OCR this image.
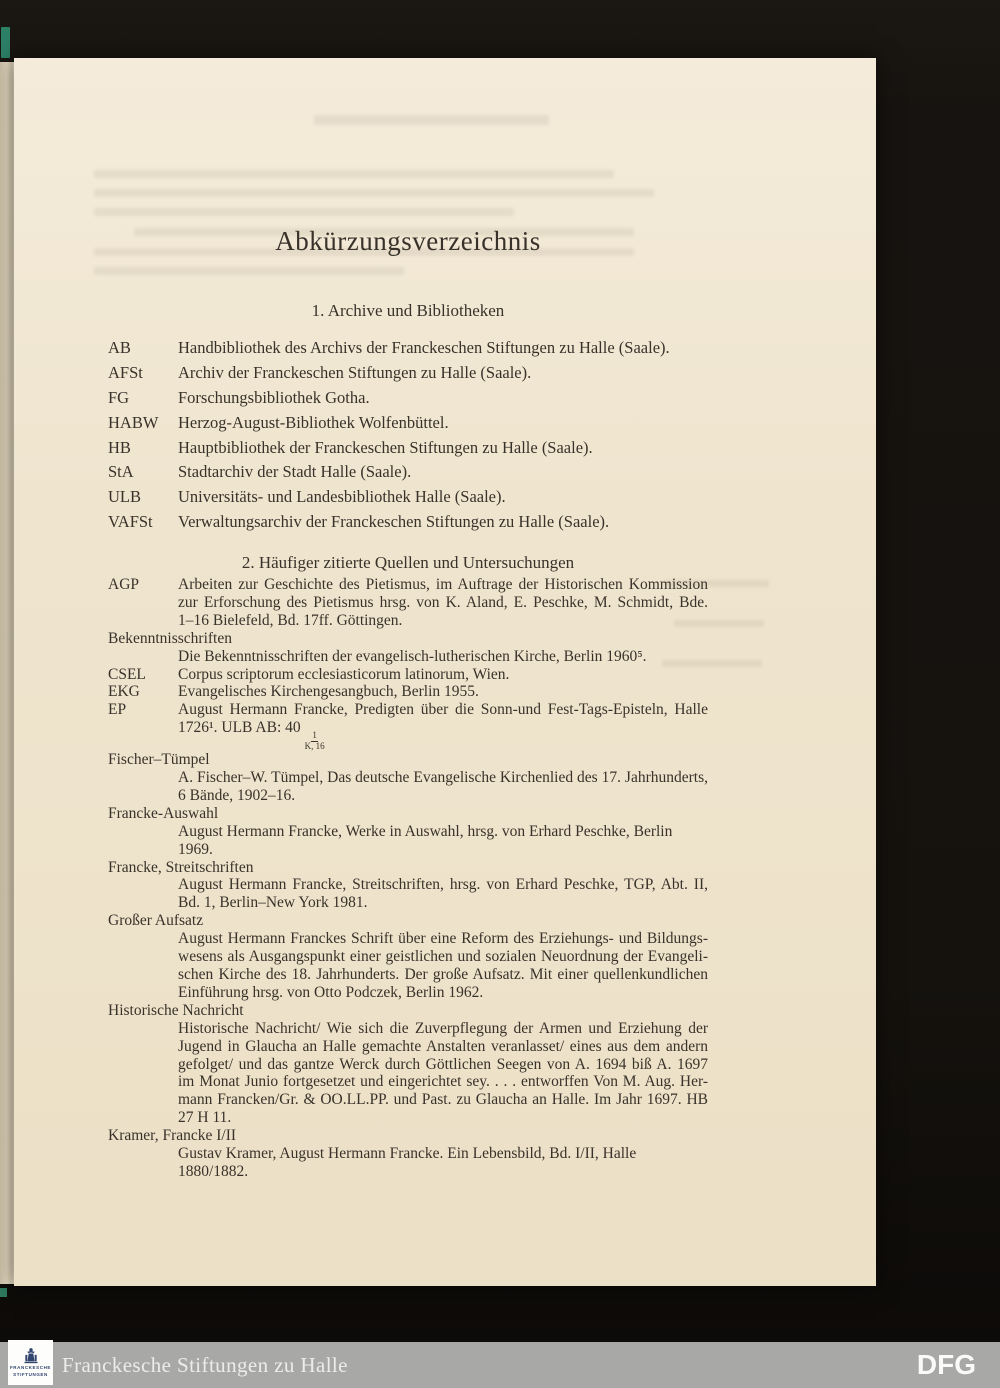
Abkürzungsverzeichnis
1. Archive und Bibliotheken
AB	Handbibliothek des Archivs der Franckeschen Stiftungen zu Halle (Saale).
AFSt	Archiv der Franckeschen Stiftungen zu Halle (Saale).
FG	Forschungsbibliothek Gotha.
HABW	Herzog-August-Bibliothek Wolfenbüttel.
HB	Hauptbibliothek der Franckeschen Stiftungen zu Halle (Saale).
StA	Stadtarchiv der Stadt Halle (Saale).
ULB	Universitäts- und Landesbibliothek Halle (Saale).
VAFSt	Verwaltungsarchiv der Franckeschen Stiftungen zu Halle (Saale).
2. Häufiger zitierte Quellen und Untersuchungen
AGP	Arbeiten zur Geschichte des Pietismus, im Auftrage der Historischen Kommission
zur Erforschung des Pietismus hrsg. von K. Aland, E. Peschke, M. Schmidt, Bde.
1–16 Bielefeld, Bd. 17ff. Göttingen.
Bekenntnisschriften
Die Bekenntnisschriften der evangelisch-lutherischen Kirche, Berlin 1960⁵.
CSEL Corpus scriptorum ecclesiasticorum latinorum, Wien.
EKG Evangelisches Kirchengesangbuch, Berlin 1955.
EP	August Hermann Francke, Predigten über die Sonn-und Fest-Tags-Episteln, Halle
1726¹. ULB AB: 40
$\frac{1}{K, 16}$
Fischer–Tümpel
A. Fischer–W. Tümpel, Das deutsche Evangelische Kirchenlied des 17. Jahrhunderts,
6 Bände, 1902–16.
Francke-Auswahl
August Hermann Francke, Werke in Auswahl, hrsg. von Erhard Peschke, Berlin 1969.
Francke, Streitschriften
August Hermann Francke, Streitschriften, hrsg. von Erhard Peschke, TGP, Abt. II,
Bd. 1, Berlin–New York 1981.
Großer Aufsatz
August Hermann Franckes Schrift über eine Reform des Erziehungs- und Bildungs-
wesens als Ausgangspunkt einer geistlichen und sozialen Neuordnung der Evangeli-
schen Kirche des 18. Jahrhunderts. Der große Aufsatz. Mit einer quellenkundlichen
Einführung hrsg. von Otto Podczek, Berlin 1962.
Historische Nachricht
Historische Nachricht/ Wie sich die Zuverpflegung der Armen und Erziehung der
Jugend in Glaucha an Halle gemachte Anstalten veranlasset/ eines aus dem andern
gefolget/ und das gantze Werck durch Göttlichen Seegen von A. 1694 biß A. 1697
im Monat Junio fortgesetzet und eingerichtet sey. . . . entworffen Von M. Aug. Her-
mann Francken/Gr. & OO.LL.PP. und Past. zu Glaucha an Halle. Im Jahr 1697. HB
27 H 11.
Kramer, Francke I/II
Gustav Kramer, August Hermann Francke. Ein Lebensbild, Bd. I/II, Halle 1880/1882.
FRANCKESCHE
STIFTUNGEN Franckesche Stiftungen zu Halle	DFG
